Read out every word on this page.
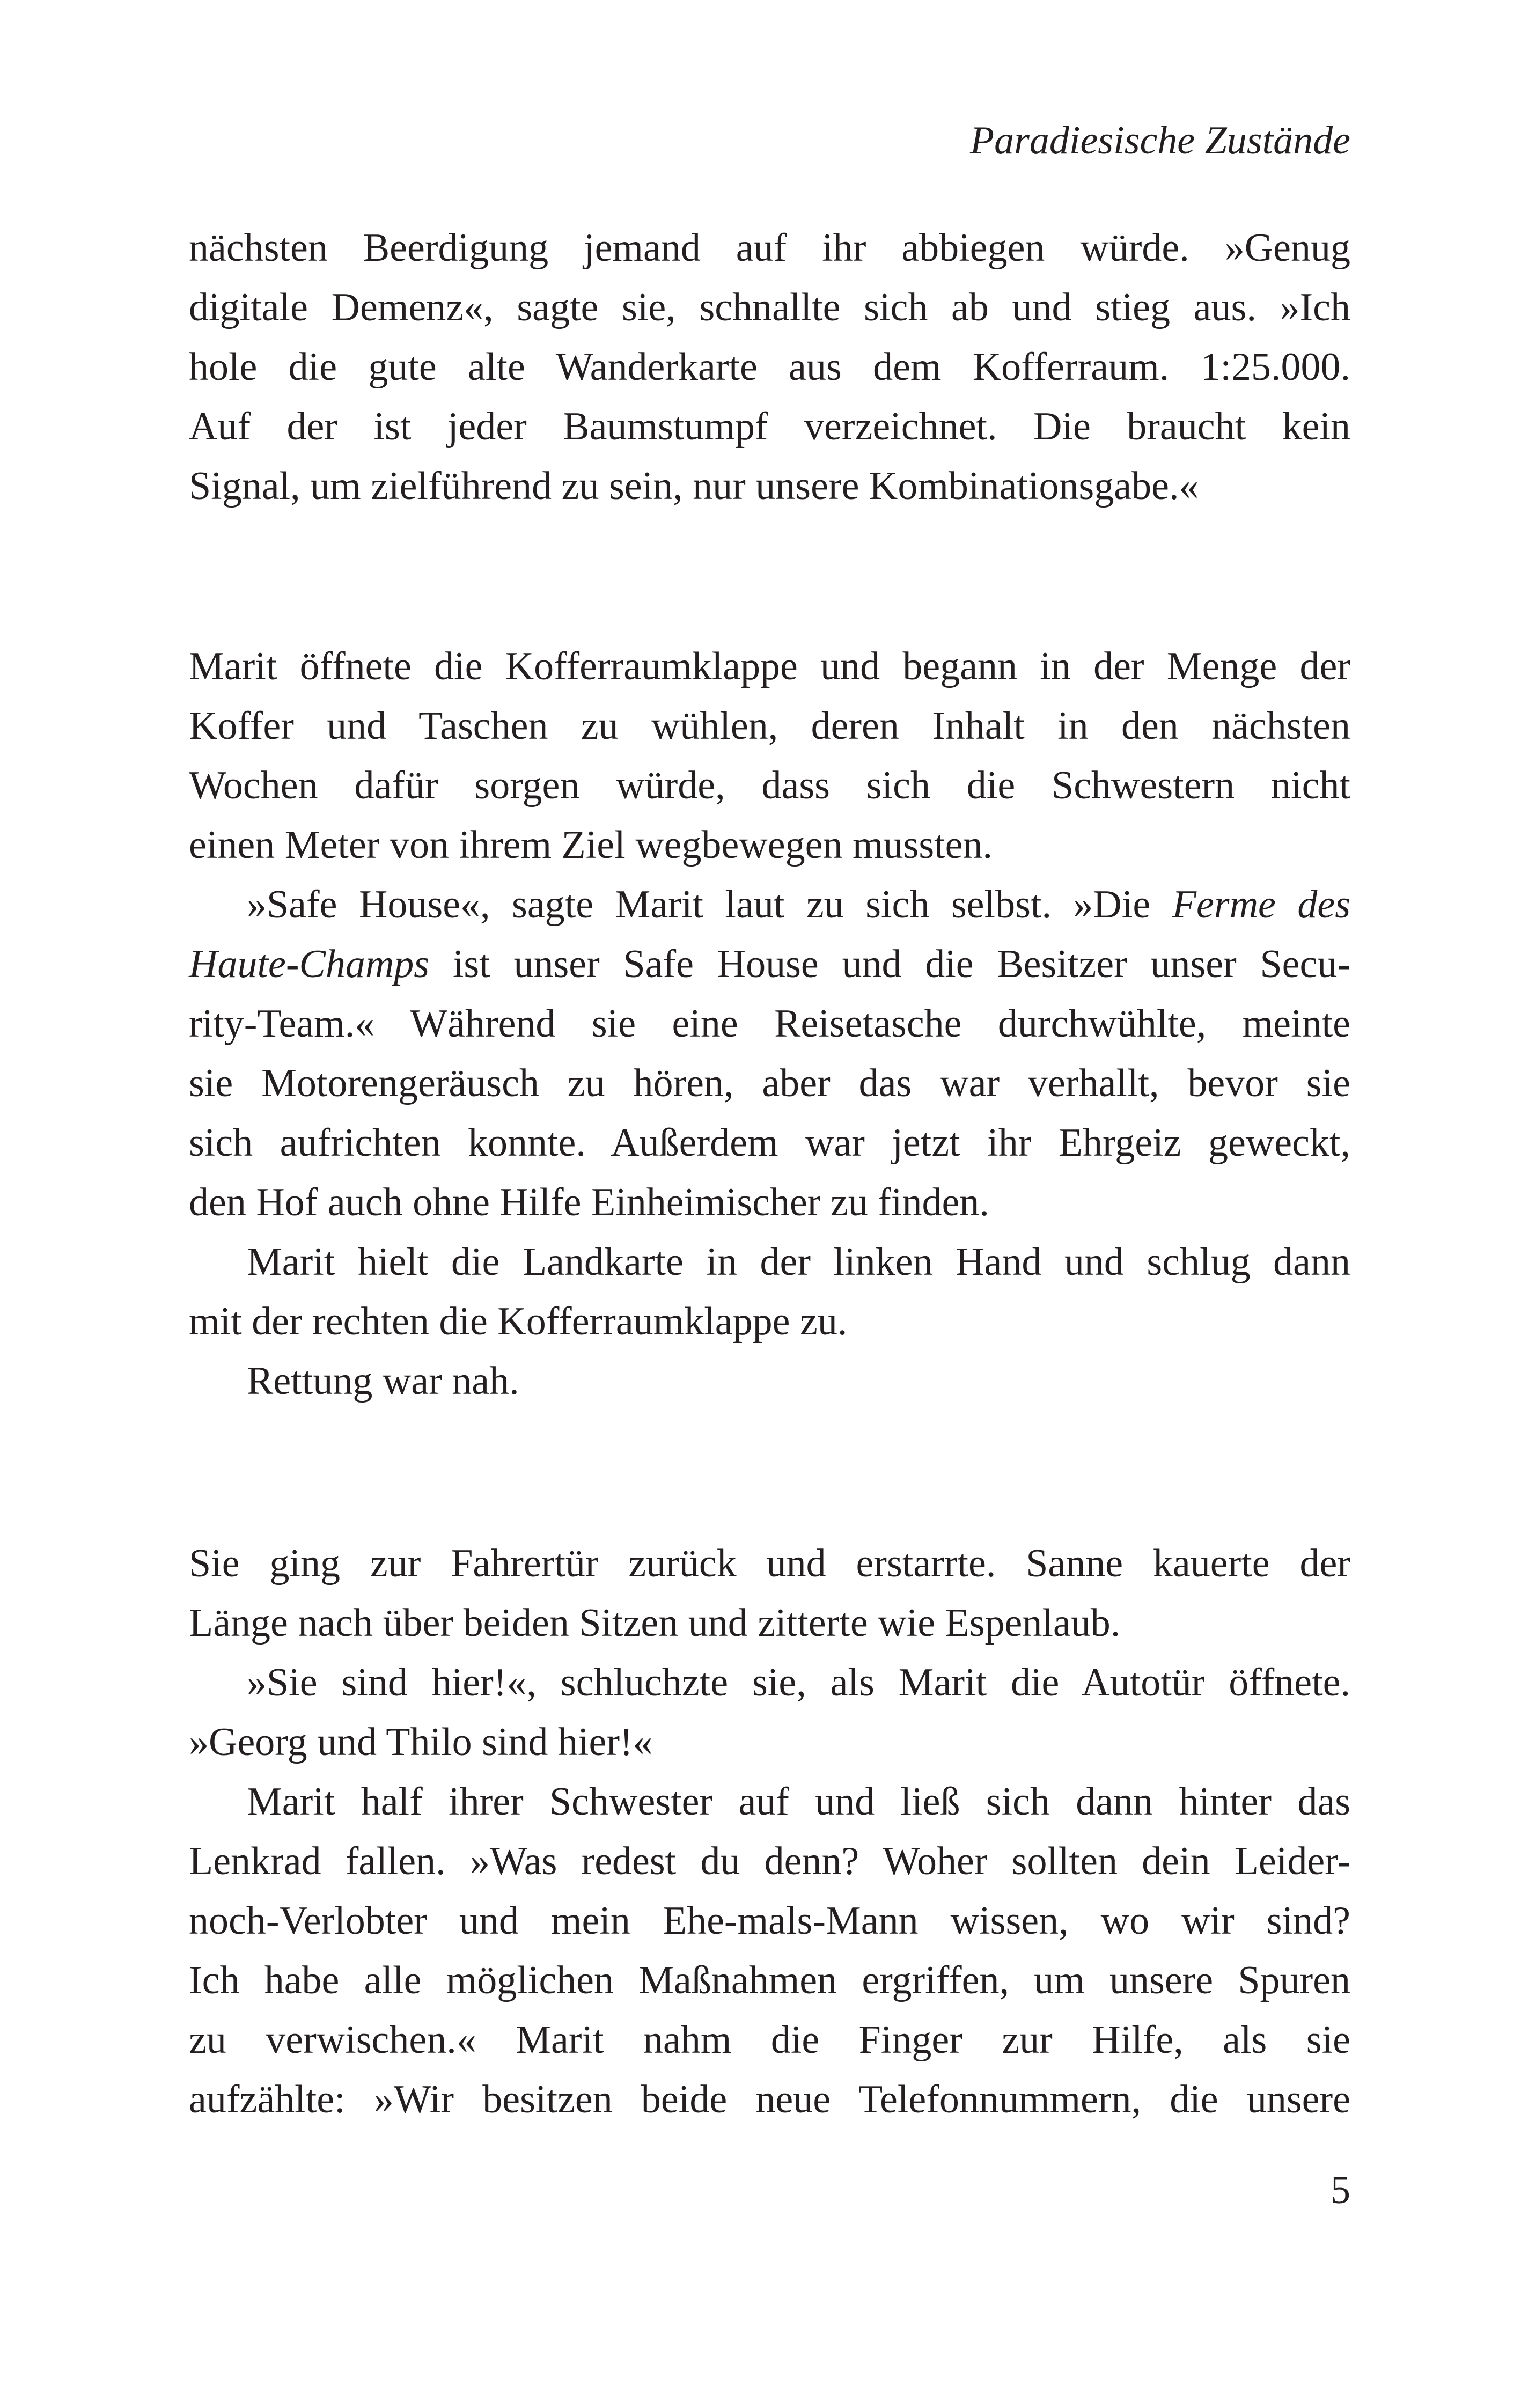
Paradiesische Zustände
nächsten Beerdigung jemand auf ihr abbiegen würde. »Genug
digitale Demenz«, sagte sie, schnallte sich ab und stieg aus. »Ich
hole die gute alte Wanderkarte aus dem Kofferraum. 1:25.000.
Auf der ist jeder Baumstumpf verzeichnet. Die braucht kein
Signal, um zielführend zu sein, nur unsere Kombinationsgabe.«
Marit öffnete die Kofferraumklappe und begann in der Menge der
Koffer und Taschen zu wühlen, deren Inhalt in den nächsten
Wochen dafür sorgen würde, dass sich die Schwestern nicht
einen Meter von ihrem Ziel wegbewegen mussten.
»Safe House«, sagte Marit laut zu sich selbst. »Die Ferme des
Haute-Champs ist unser Safe House und die Besitzer unser Secu-
rity-Team.« Während sie eine Reisetasche durchwühlte, meinte
sie Motorengeräusch zu hören, aber das war verhallt, bevor sie
sich aufrichten konnte. Außerdem war jetzt ihr Ehrgeiz geweckt,
den Hof auch ohne Hilfe Einheimischer zu finden.
Marit hielt die Landkarte in der linken Hand und schlug dann
mit der rechten die Kofferraumklappe zu.
Rettung war nah.
Sie ging zur Fahrertür zurück und erstarrte. Sanne kauerte der
Länge nach über beiden Sitzen und zitterte wie Espenlaub.
»Sie sind hier!«, schluchzte sie, als Marit die Autotür öffnete.
»Georg und Thilo sind hier!«
Marit half ihrer Schwester auf und ließ sich dann hinter das
Lenkrad fallen. »Was redest du denn? Woher sollten dein Leider-
noch-Verlobter und mein Ehe-mals-Mann wissen, wo wir sind?
Ich habe alle möglichen Maßnahmen ergriffen, um unsere Spuren
zu verwischen.« Marit nahm die Finger zur Hilfe, als sie
aufzählte: »Wir besitzen beide neue Telefonnummern, die unsere
5
